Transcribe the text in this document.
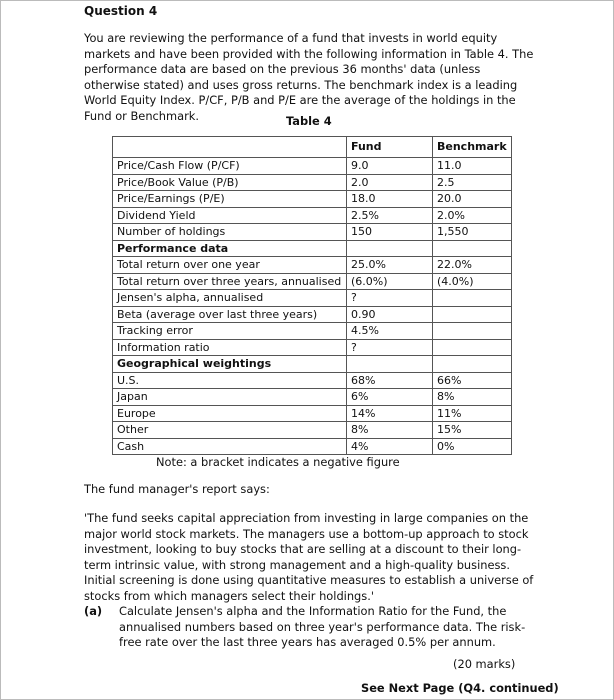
Question 4
You are reviewing the performance of a fund that invests in world equity markets and have been provided with the following information in Table 4. The performance data are based on the previous 36 months' data (unless otherwise stated) and uses gross returns. The benchmark index is a leading World Equity Index. P/CF, P/B and P/E are the average of the holdings in the Fund or Benchmark.	Table 4
	Fund	Benchmark
Price/Cash Flow (P/CF)	9.0	11.0
Price/Book Value (P/B)	2.0	2.5
Price/Earnings (P/E)	18.0	20.0
Dividend Yield	2.5%	2.0%
Number of holdings	150	1,550
Performance data		
Total return over one year	25.0%	22.0%
Total return over three years, annualised	(6.0%)	(4.0%)
Jensen's alpha, annualised	?	
Beta (average over last three years)	0.90	
Tracking error	4.5%	
Information ratio	?	
Geographical weightings		
U.S.	68%	66%
Japan	6%	8%
Europe	14%	11%
Other	8%	15%
Cash	4%	0%
Note: a bracket indicates a negative figure
The fund manager's report says:
'The fund seeks capital appreciation from investing in large companies on the major world stock markets. The managers use a bottom-up approach to stock investment, looking to buy stocks that are selling at a discount to their long-term intrinsic value, with strong management and a high-quality business. Initial screening is done using quantitative measures to establish a universe of stocks from which managers select their holdings.'
(a) Calculate Jensen's alpha and the Information Ratio for the Fund, the annualised numbers based on three year's performance data. The risk-free rate over the last three years has averaged 0.5% per annum.
(20 marks)
See Next Page (Q4. continued)
